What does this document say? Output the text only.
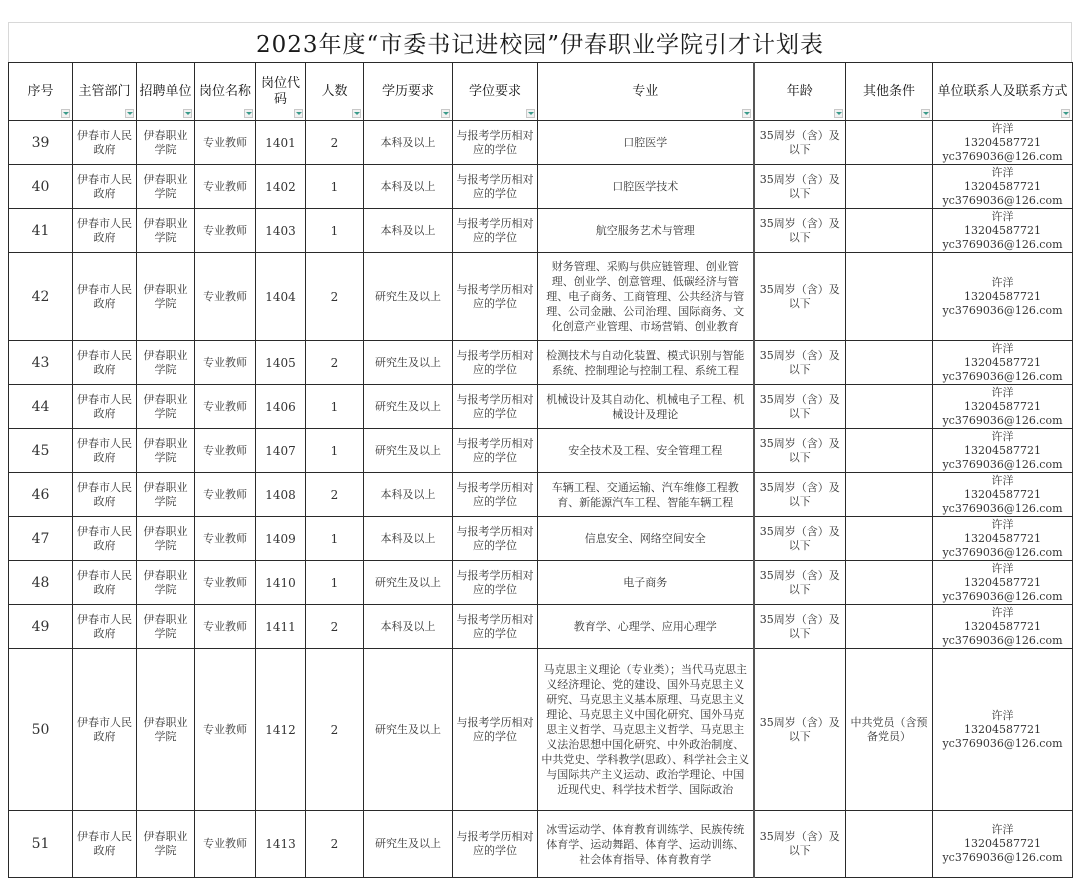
2023年度“市委书记进校园”伊春职业学院引才计划表
序号	主管部门	招聘单位	岗位名称	岗位代码	人数	学历要求	学位要求	专业	年龄	其他条件	单位联系人及联系方式

39	伊春市人民政府	伊春职业学院	专业教师	1401	2	本科及以上	与报考学历相对应的学位	口腔医学	35周岁（含）及以下		许洋
13204587721
yc3769036@126.com

40	伊春市人民政府	伊春职业学院	专业教师	1402	1	本科及以上	与报考学历相对应的学位	口腔医学技术	35周岁（含）及以下		许洋
13204587721
yc3769036@126.com

41	伊春市人民政府	伊春职业学院	专业教师	1403	1	本科及以上	与报考学历相对应的学位	航空服务艺术与管理	35周岁（含）及以下		许洋
13204587721
yc3769036@126.com

42	伊春市人民政府	伊春职业学院	专业教师	1404	2	研究生及以上	与报考学历相对应的学位	财务管理、采购与供应链管理、创业管理、创业学、创意管理、低碳经济与管理、电子商务、工商管理、公共经济与管理、公司金融、公司治理、国际商务、文化创意产业管理、市场营销、创业教育	35周岁（含）及以下		许洋
13204587721
yc3769036@126.com

43	伊春市人民政府	伊春职业学院	专业教师	1405	2	研究生及以上	与报考学历相对应的学位	检测技术与自动化装置、模式识别与智能系统、控制理论与控制工程、系统工程	35周岁（含）及以下		许洋
13204587721
yc3769036@126.com

44	伊春市人民政府	伊春职业学院	专业教师	1406	1	研究生及以上	与报考学历相对应的学位	机械设计及其自动化、机械电子工程、机械设计及理论	35周岁（含）及以下		许洋
13204587721
yc3769036@126.com

45	伊春市人民政府	伊春职业学院	专业教师	1407	1	研究生及以上	与报考学历相对应的学位	安全技术及工程、安全管理工程	35周岁（含）及以下		许洋
13204587721
yc3769036@126.com

46	伊春市人民政府	伊春职业学院	专业教师	1408	2	本科及以上	与报考学历相对应的学位	车辆工程、交通运输、汽车维修工程教育、新能源汽车工程、智能车辆工程	35周岁（含）及以下		许洋
13204587721
yc3769036@126.com

47	伊春市人民政府	伊春职业学院	专业教师	1409	1	本科及以上	与报考学历相对应的学位	信息安全、网络空间安全	35周岁（含）及以下		许洋
13204587721
yc3769036@126.com

48	伊春市人民政府	伊春职业学院	专业教师	1410	1	研究生及以上	与报考学历相对应的学位	电子商务	35周岁（含）及以下		许洋
13204587721
yc3769036@126.com

49	伊春市人民政府	伊春职业学院	专业教师	1411	2	本科及以上	与报考学历相对应的学位	教育学、心理学、应用心理学	35周岁（含）及以下		许洋
13204587721
yc3769036@126.com

50	伊春市人民政府	伊春职业学院	专业教师	1412	2	研究生及以上	与报考学历相对应的学位	马克思主义理论（专业类）；当代马克思主义经济理论、党的建设、国外马克思主义研究、马克思主义基本原理、马克思主义理论、马克思主义中国化研究、国外马克思主义哲学、马克思主义哲学、马克思主义法治思想中国化研究、中外政治制度、中共党史、学科教学(思政）、科学社会主义与国际共产主义运动、政治学理论、中国近现代史、科学技术哲学、国际政治	35周岁（含）及以下	中共党员（含预备党员）	许洋
13204587721
yc3769036@126.com

51	伊春市人民政府	伊春职业学院	专业教师	1413	2	研究生及以上	与报考学历相对应的学位	冰雪运动学、体育教育训练学、民族传统体育学、运动舞蹈、体育学、运动训练、社会体育指导、体育教育学	35周岁（含）及以下		许洋
13204587721
yc3769036@126.com
